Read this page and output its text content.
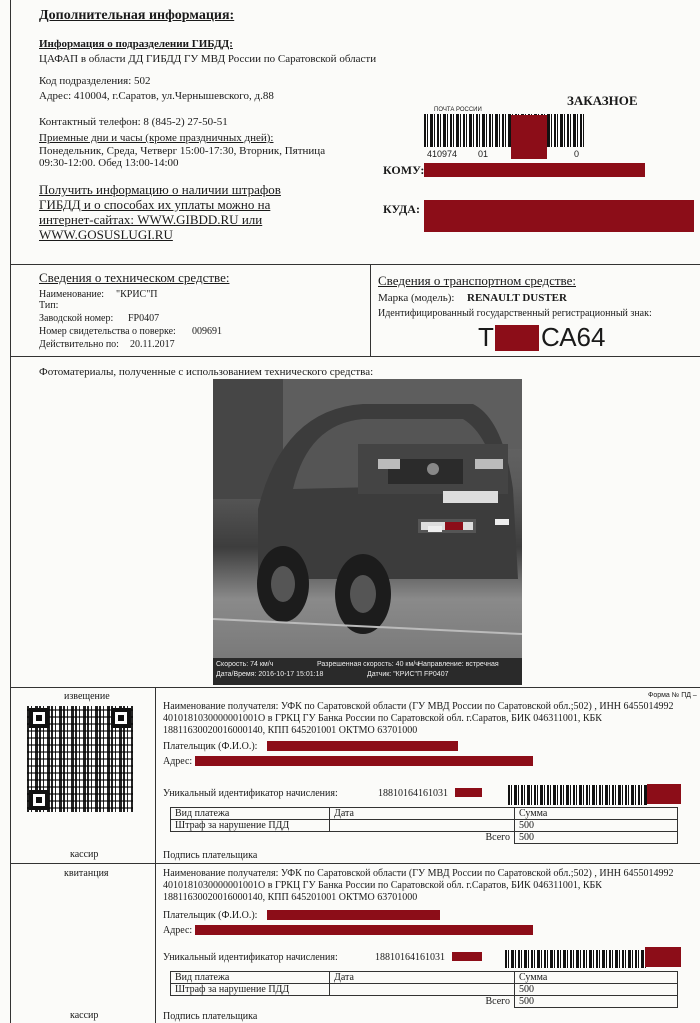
Дополнительная информация:
Информация о подразделении ГИБДД:
ЦАФАП в области ДД ГИБДД ГУ МВД России по Саратовской области
Код подразделения: 502
Адрес: 410004, г.Саратов, ул.Чернышевского, д.88
Контактный телефон: 8 (845-2) 27-50-51
Приемные дни и часы (кроме праздничных дней):
Понедельник, Среда, Четверг 15:00-17:30, Вторник, Пятница
09:30-12:00. Обед 13:00-14:00
Получить информацию о наличии штрафов
ГИБДД и о способах их уплаты можно на
интернет-сайтах: WWW.GIBDD.RU или
WWW.GOSUSLUGI.RU
ПОЧТА РОССИИ
ЗАКАЗНОЕ
410974 01	0
КОМУ:
КУДА:
Сведения о техническом средстве:
Наименование: "КРИС"П
Тип:
Заводской номер: FP0407
Номер свидетельства о поверке: 009691
Действительно по: 20.11.2017
Сведения о транспортном средстве:
Марка (модель): RENAULT DUSTER
Идентифицированный государственный регистрационный знак:
Т СА64
Фотоматериалы, полученные с использованием технического средства:
Скорость: 74 км/ч	Разрешенная скорость: 40 км/ч Направление: встречная
Дата/Время: 2016-10-17 15:01:18	Датчик: "КРИС"П FP0407
извещение	Форма № ПД –
Наименование получателя: УФК по Саратовской области (ГУ МВД России по Саратовской обл.;502) , ИНН 6455014992
4010181030000001001О в ГРКЦ ГУ Банка России по Саратовской обл. г.Саратов, БИК 046311001, КБК
18811630020016000140, КПП 645201001 ОКТМО 63701000
Плательщик (Ф.И.О.):
Адрес:
Уникальный идентификатор начисления:	18810164161031
Вид платежа	Дата	Сумма
Штраф за нарушение ПДД		500
	Всего	500
кассир	Подпись плательщика
квитанция	Наименование получателя: УФК по Саратовской области (ГУ МВД России по Саратовской обл.;502) , ИНН 6455014992
4010181030000001001О в ГРКЦ ГУ Банка России по Саратовской обл. г.Саратов, БИК 046311001, КБК
18811630020016000140, КПП 645201001 ОКТМО 63701000
Плательщик (Ф.И.О.):
Адрес:
Уникальный идентификатор начисления:	18810164161031
Вид платежа	Дата	Сумма
Штраф за нарушение ПДД		500
	Всего	500
кассир	Подпись плательщика
